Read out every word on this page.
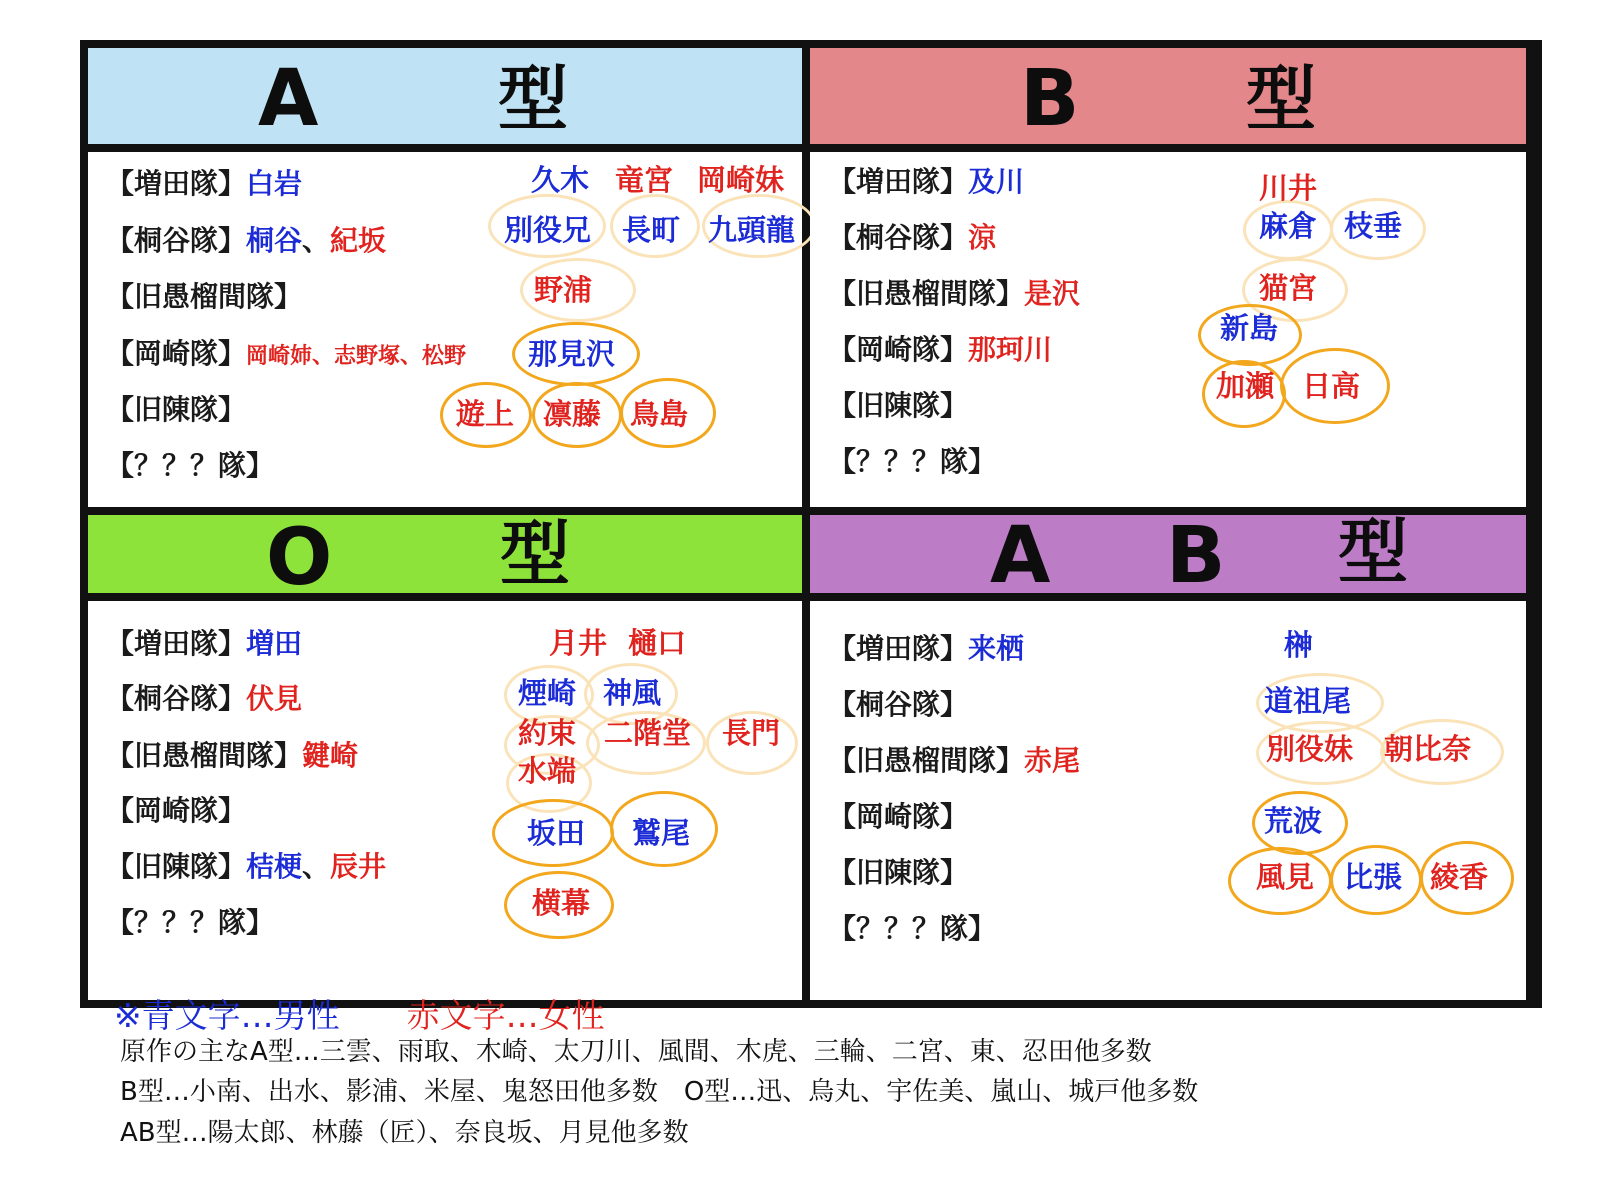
A	型
【増田隊】白岩
【桐谷隊】桐谷、紀坂
【旧愚榴間隊】
【岡崎隊】岡崎姉、志野塚、松野
【旧陳隊】
【？？？隊】
久木 竜宮 岡崎妹
別役兄 長町 九頭龍
野浦
那見沢
遊上 凛藤 鳥島
B 型
【増田隊】及川
【桐谷隊】涼
【旧愚榴間隊】是沢
【岡崎隊】那珂川
【旧陳隊】
【？？？隊】
川井
麻倉 枝垂
猫宮
新島
加瀬 日高
O 型
【増田隊】増田
【桐谷隊】伏見
【旧愚榴間隊】鍵崎
【岡崎隊】
【旧陳隊】桔梗、辰井
【？？？隊】
月井 樋口
煙崎 神風
約束 二階堂 長門
水端
坂田 鷲尾
横幕
A B 型
【増田隊】来栖
【桐谷隊】
【旧愚榴間隊】赤尾
【岡崎隊】
【旧陳隊】
【？？？隊】
榊
道祖尾
別役妹 朝比奈
荒波
風見 比張 綾香
※青文字…男性 赤文字…女性
原作の主なA型…三雲、雨取、木崎、太刀川、風間、木虎、三輪、二宮、東、忍田他多数
B型…小南、出水、影浦、米屋、鬼怒田他多数　O型…迅、烏丸、宇佐美、嵐山、城戸他多数
AB型…陽太郎、林藤（匠）、奈良坂、月見他多数
